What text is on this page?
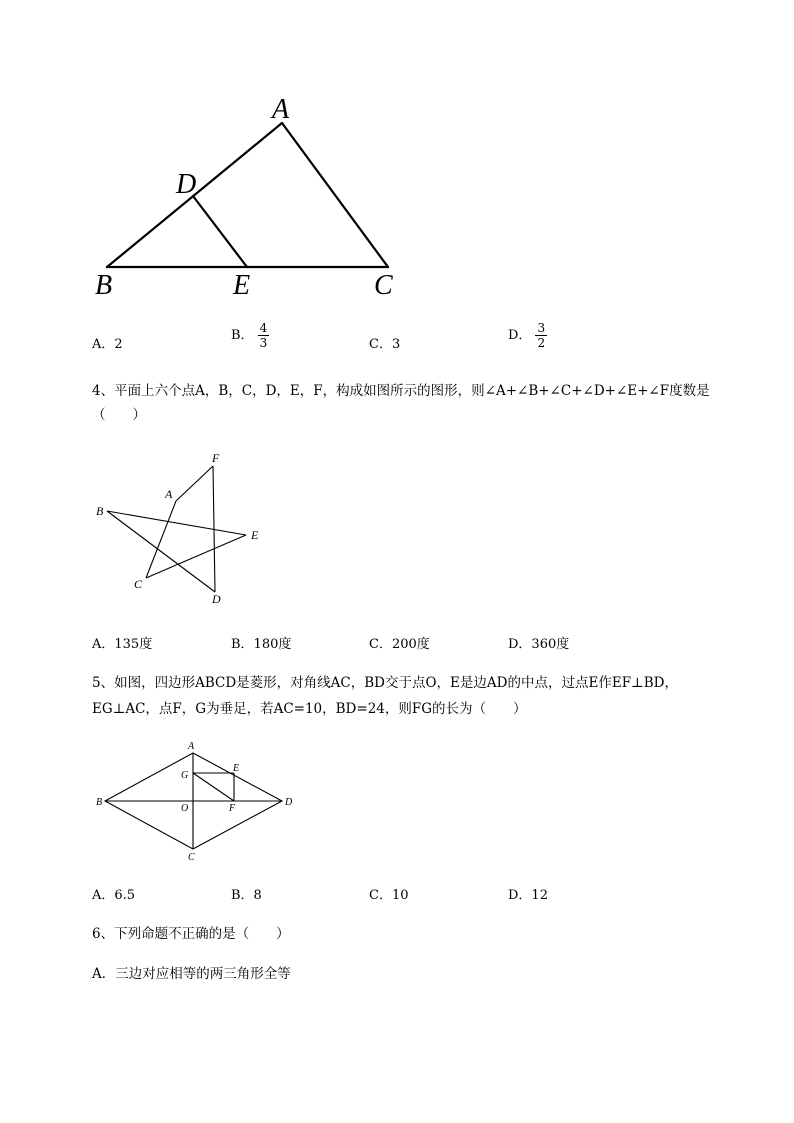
A
D
B	E	C
A．2
B． $\frac{4}{3}$	C．3
D． $\frac{3}{2}$
4、平面上六个点A，B，C，D，E，F，构成如图所示的图形，则∠A+∠B+∠C+∠D+∠E+∠F度数是（　　）
F
A
B
E
C
D
A．135度	B．180度	C．200度	D．360度
5、如图，四边形ABCD是菱形，对角线AC，BD交于点O，E是边AD的中点，过点E作EF⊥BD，
EG⊥AC，点F，G为垂足，若AC=10，BD=24，则FG的长为（　　）
A
G
E
B
O	F
D
C
A．6.5	B．8	C．10	D．12
6、下列命题不正确的是（　　）
A．三边对应相等的两三角形全等
